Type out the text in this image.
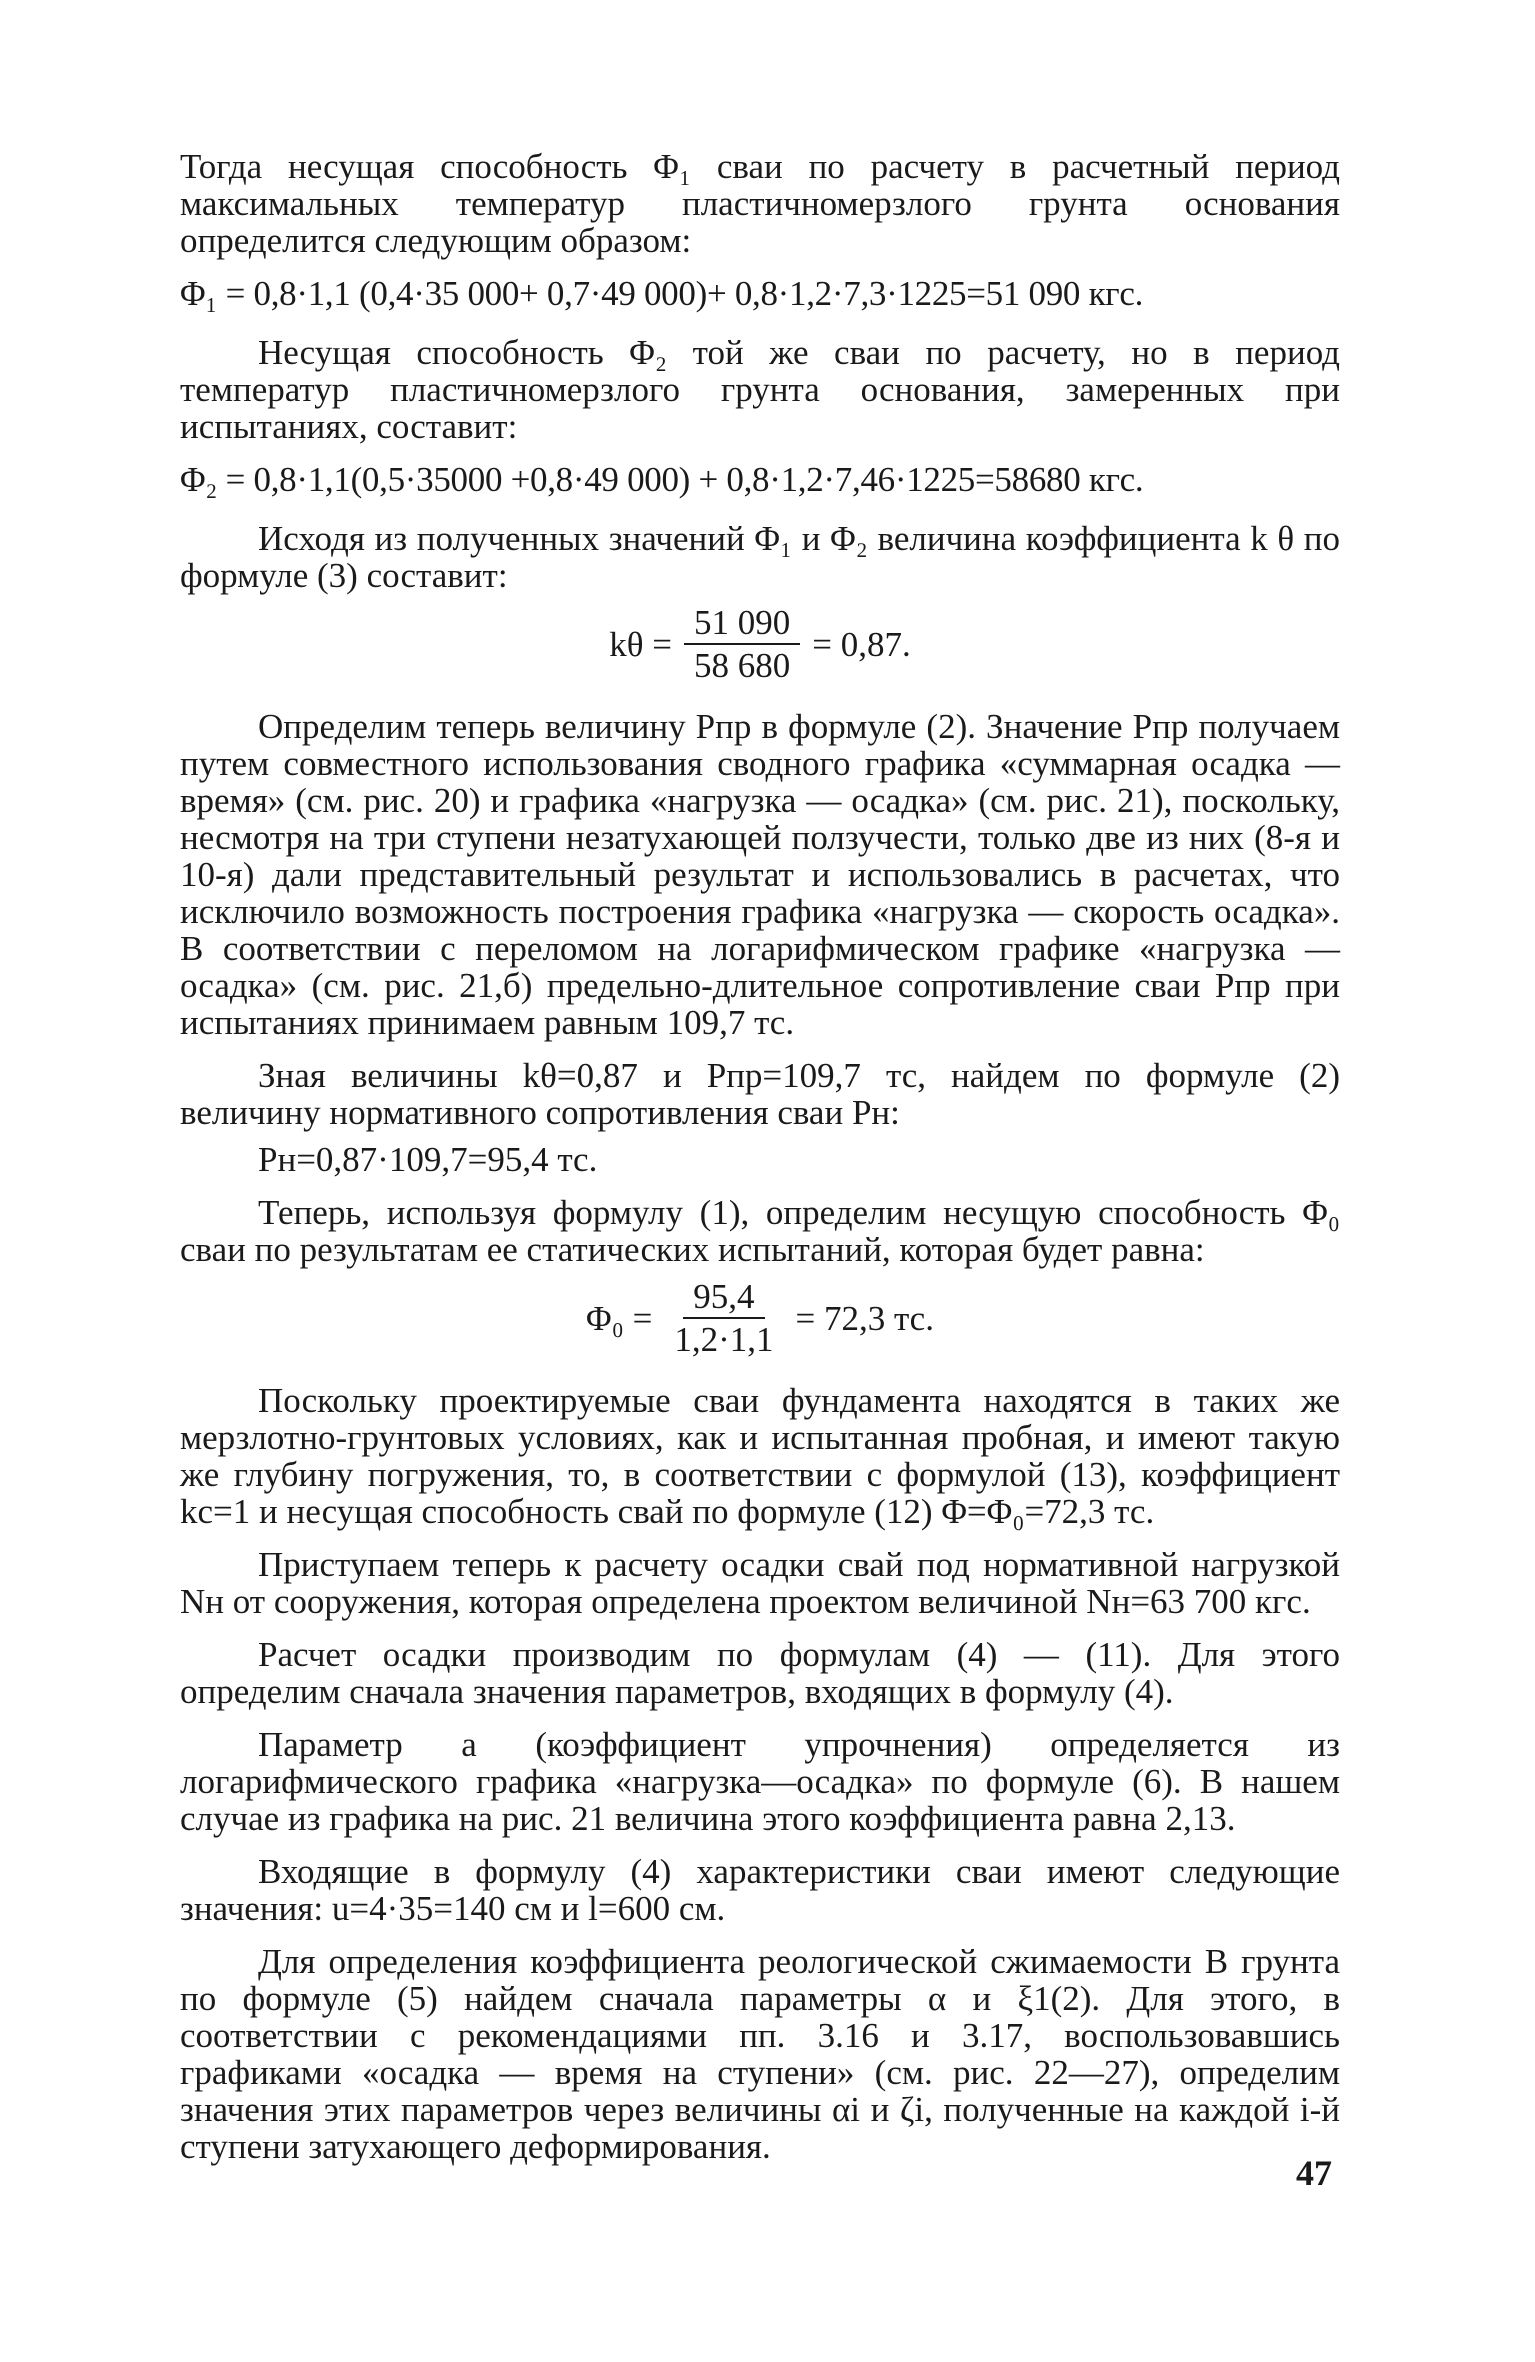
Тогда несущая способность Φ₁ сваи по расчету в расчетный период максимальных температур пластичномерзлого грунта основания определится следующим образом:

Φ₁ = 0,8·1,1 (0,4·35 000+ 0,7·49 000)+ 0,8·1,2·7,3·1225=51 090 кгс.

Несущая способность Φ₂ той же сваи по расчету, но в период температур пластичномерзлого грунта основания, замеренных при испытаниях, составит:

Φ₂ = 0,8·1,1(0,5·35000 +0,8·49 000) + 0,8·1,2·7,46·1225=58680 кгс.

Исходя из полученных значений Φ₁ и Φ₂ величина коэффициента k θ по формуле (3) составит:

$k\theta = \frac{51 090}{58 680} = 0,87$.

Определим теперь величину Pпр в формуле (2). Значение Pпр получаем путем совместного использования сводного графика «суммарная осадка — время» (см. рис. 20) и графика «нагрузка — осадка» (см. рис. 21), поскольку, несмотря на три ступени незатухающей ползучести, только две из них (8-я и 10-я) дали представительный результат и использовались в расчетах, что исключило возможность построения графика «нагрузка — скорость осадка». В соответствии с переломом на логарифмическом графике «нагрузка — осадка» (см. рис. 21,б) предельно-длительное сопротивление сваи Pпр при испытаниях принимаем равным 109,7 тс.

Зная величины kθ=0,87 и Pпр=109,7 тс, найдем по формуле (2) величину нормативного сопротивления сваи Pн:

Pн=0,87·109,7=95,4 тс.

Теперь, используя формулу (1), определим несущую способность Φ₀ сваи по результатам ее статических испытаний, которая будет равна:

$\Phi_0 = \frac{95,4}{1,2\cdot 1,1} = 72,3$ тс.

Поскольку проектируемые сваи фундамента находятся в таких же мерзлотно-грунтовых условиях, как и испытанная пробная, и имеют такую же глубину погружения, то, в соответствии с формулой (13), коэффициент kс=1 и несущая способность свай по формуле (12) Φ=Φ₀=72,3 тс.

Приступаем теперь к расчету осадки свай под нормативной нагрузкой Nн от сооружения, которая определена проектом величиной Nн=63 700 кгс.

Расчет осадки производим по формулам (4) — (11). Для этого определим сначала значения параметров, входящих в формулу (4).

Параметр a (коэффициент упрочнения) определяется из логарифмического графика «нагрузка—осадка» по формуле (6). В нашем случае из графика на рис. 21 величина этого коэффициента равна 2,13.

Входящие в формулу (4) характеристики сваи имеют следующие значения: u=4·35=140 см и l=600 см.

Для определения коэффициента реологической сжимаемости B грунта по формуле (5) найдем сначала параметры α и ξ1(2). Для этого, в соответствии с рекомендациями пп. 3.16 и 3.17, воспользовавшись графиками «осадка — время на ступени» (см. рис. 22—27), определим значения этих параметров через величины αi и ζi, полученные на каждой i-й ступени затухающего деформирования.

47
